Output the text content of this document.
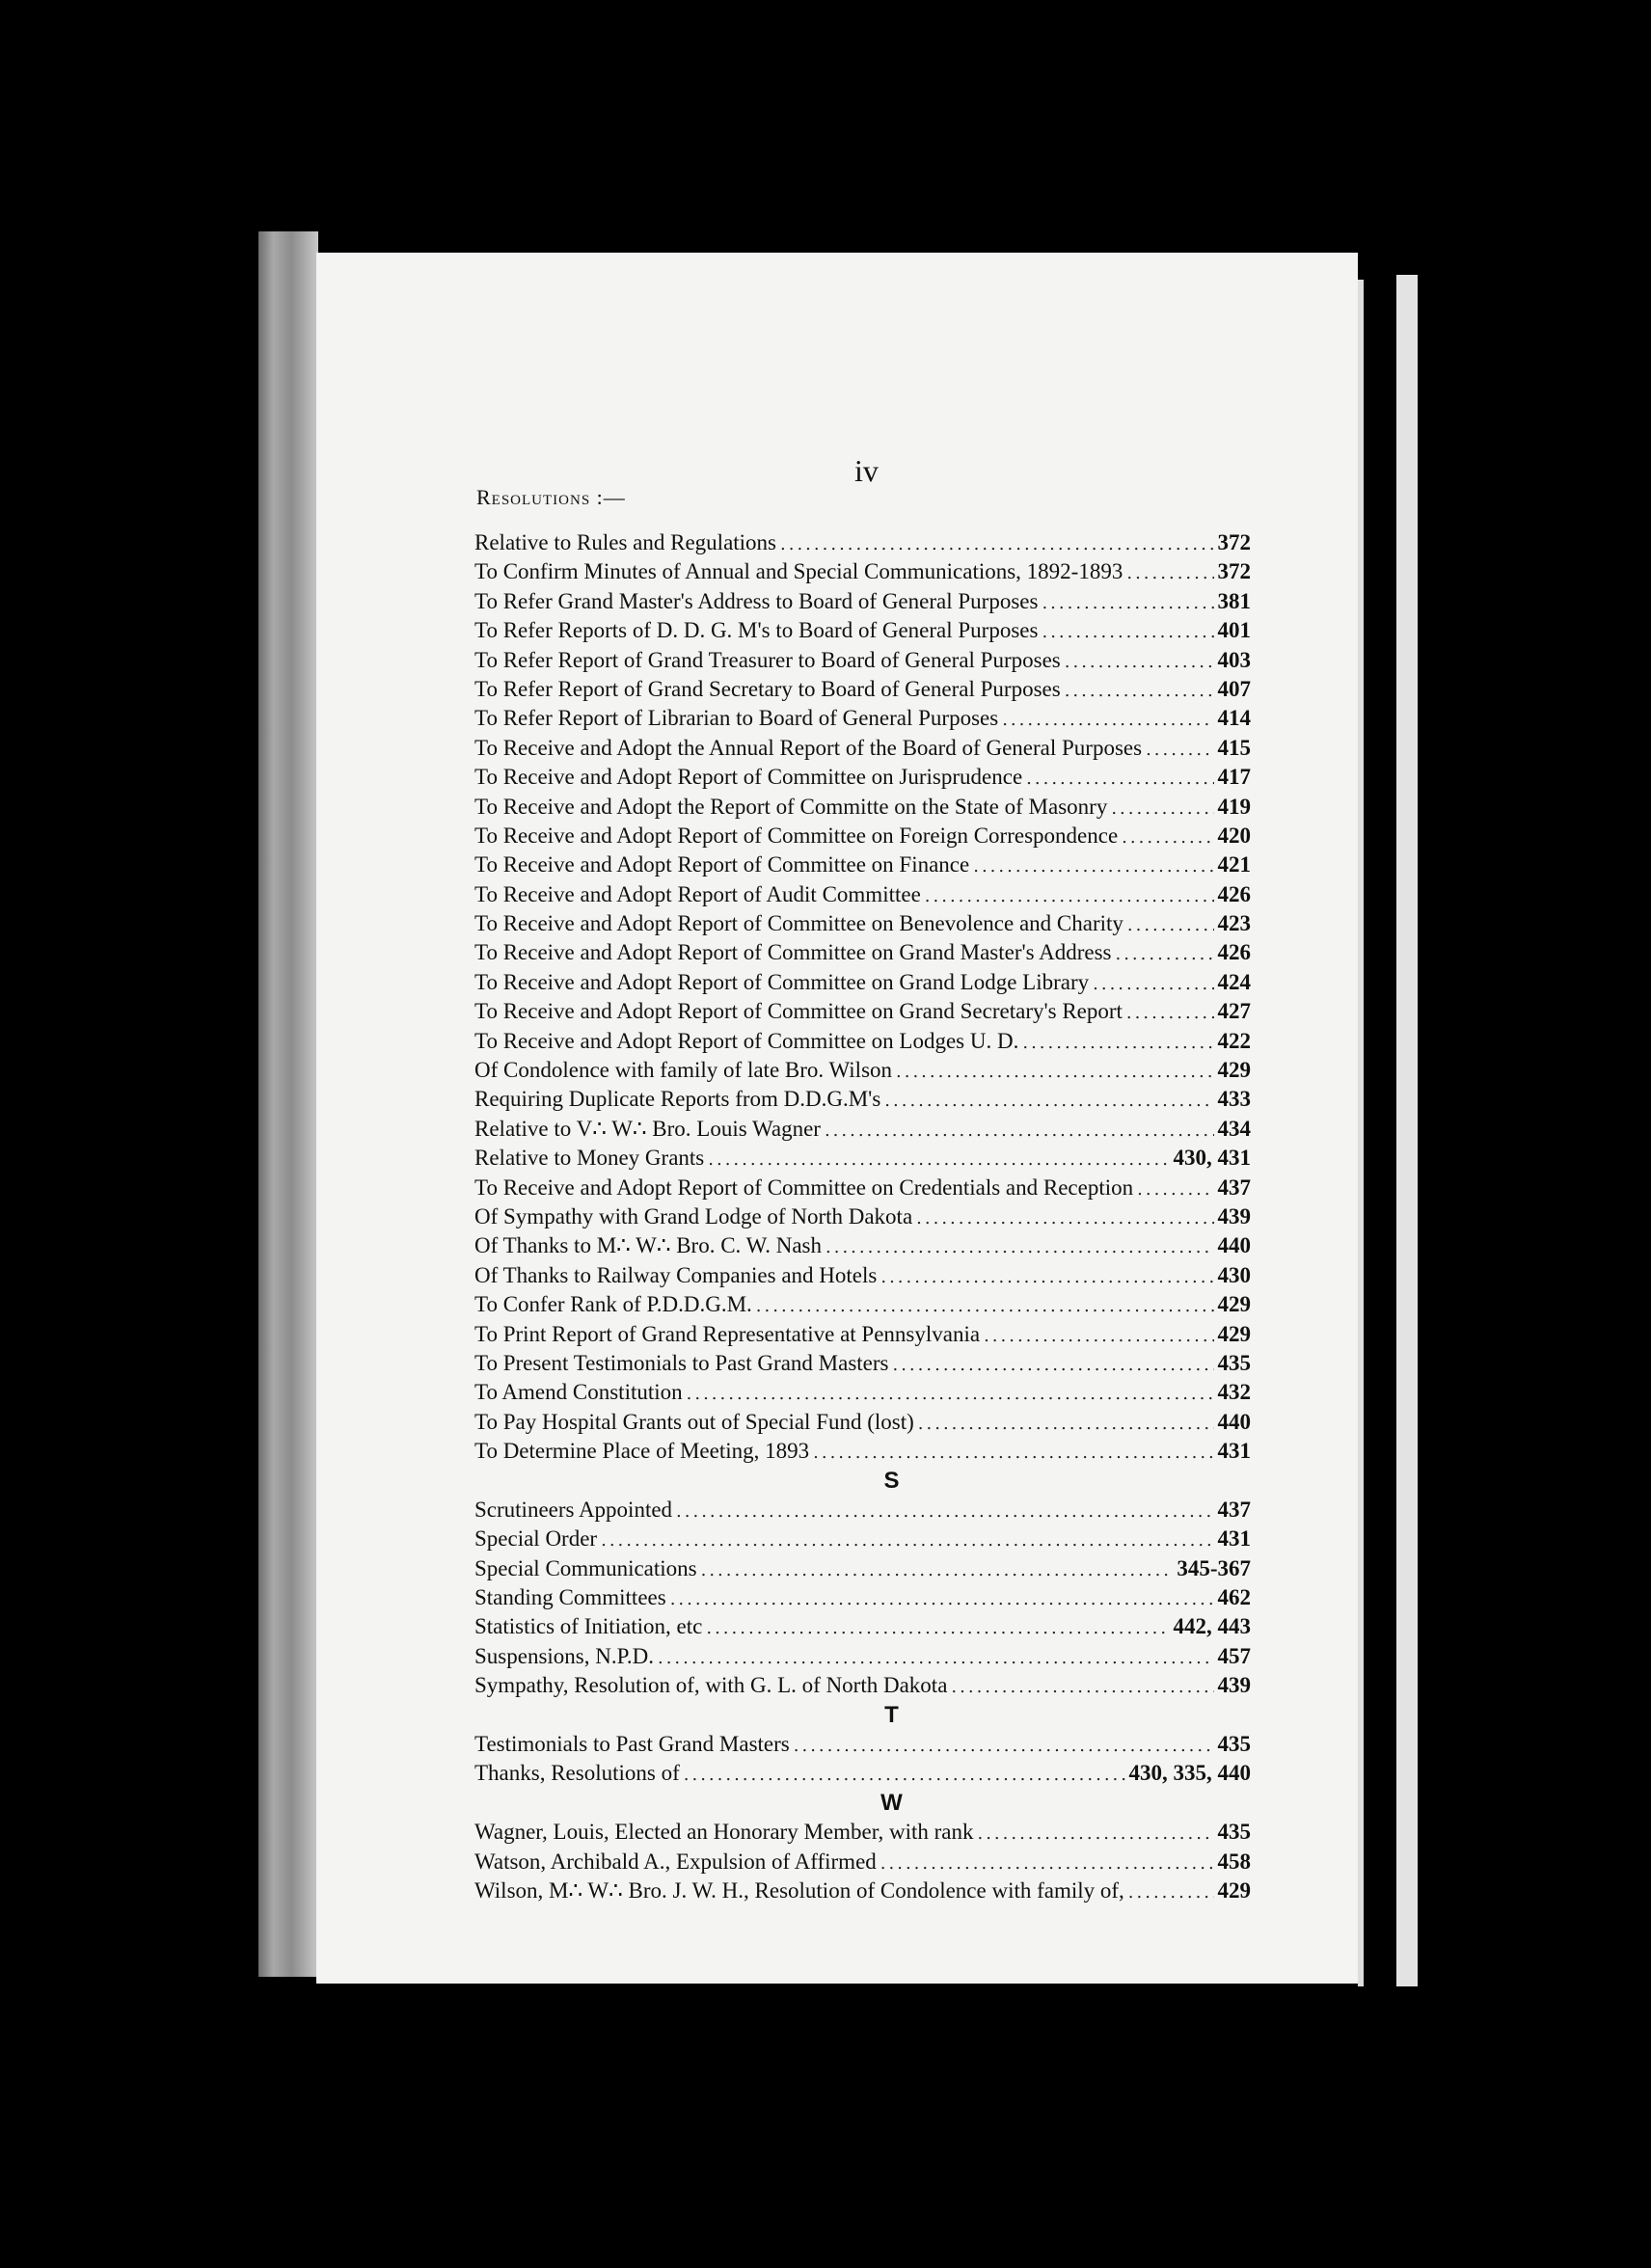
iv
Resolutions :—
Relative to Rules and Regulations .....	372
To Confirm Minutes of Annual and Special Communications, 1892-1893 .....	372
To Refer Grand Master's Address to Board of General Purposes .....	381
To Refer Reports of D. D. G. M's to Board of General Purposes .....	401
To Refer Report of Grand Treasurer to Board of General Purposes .....	403
To Refer Report of Grand Secretary to Board of General Purposes .....	407
To Refer Report of Librarian to Board of General Purposes .....	414
To Receive and Adopt the Annual Report of the Board of General Purposes .....	415
To Receive and Adopt Report of Committee on Jurisprudence .....	417
To Receive and Adopt the Report of Committe on the State of Masonry .....	419
To Receive and Adopt Report of Committee on Foreign Correspondence .....	420
To Receive and Adopt Report of Committee on Finance .....	421
To Receive and Adopt Report of Audit Committee .....	426
To Receive and Adopt Report of Committee on Benevolence and Charity .....	423
To Receive and Adopt Report of Committee on Grand Master's Address .....	426
To Receive and Adopt Report of Committee on Grand Lodge Library .....	424
To Receive and Adopt Report of Committee on Grand Secretary's Report .....	427
To Receive and Adopt Report of Committee on Lodges U. D. .....	422
Of Condolence with family of late Bro. Wilson .....	429
Requiring Duplicate Reports from D.D.G.M's .....	433
Relative to V∴ W∴ Bro. Louis Wagner .....	434
Relative to Money Grants .....	430, 431
To Receive and Adopt Report of Committee on Credentials and Reception .....	437
Of Sympathy with Grand Lodge of North Dakota .....	439
Of Thanks to M∴ W∴ Bro. C. W. Nash .....	440
Of Thanks to Railway Companies and Hotels .....	430
To Confer Rank of P.D.D.G.M. .....	429
To Print Report of Grand Representative at Pennsylvania .....	429
To Present Testimonials to Past Grand Masters .....	435
To Amend Constitution .....	432
To Pay Hospital Grants out of Special Fund (lost) .....	440
To Determine Place of Meeting, 1893 .....	431
S
Scrutineers Appointed .....	437
Special Order .....	431
Special Communications .....	345-367
Standing Committees .....	462
Statistics of Initiation, etc .....	442, 443
Suspensions, N.P.D. .....	457
Sympathy, Resolution of, with G. L. of North Dakota .....	439
T
Testimonials to Past Grand Masters .....	435
Thanks, Resolutions of .....	430, 335, 440
W
Wagner, Louis, Elected an Honorary Member, with rank .....	435
Watson, Archibald A., Expulsion of Affirmed .....	458
Wilson, M∴ W∴ Bro. J. W. H., Resolution of Condolence with family of, .....	429
